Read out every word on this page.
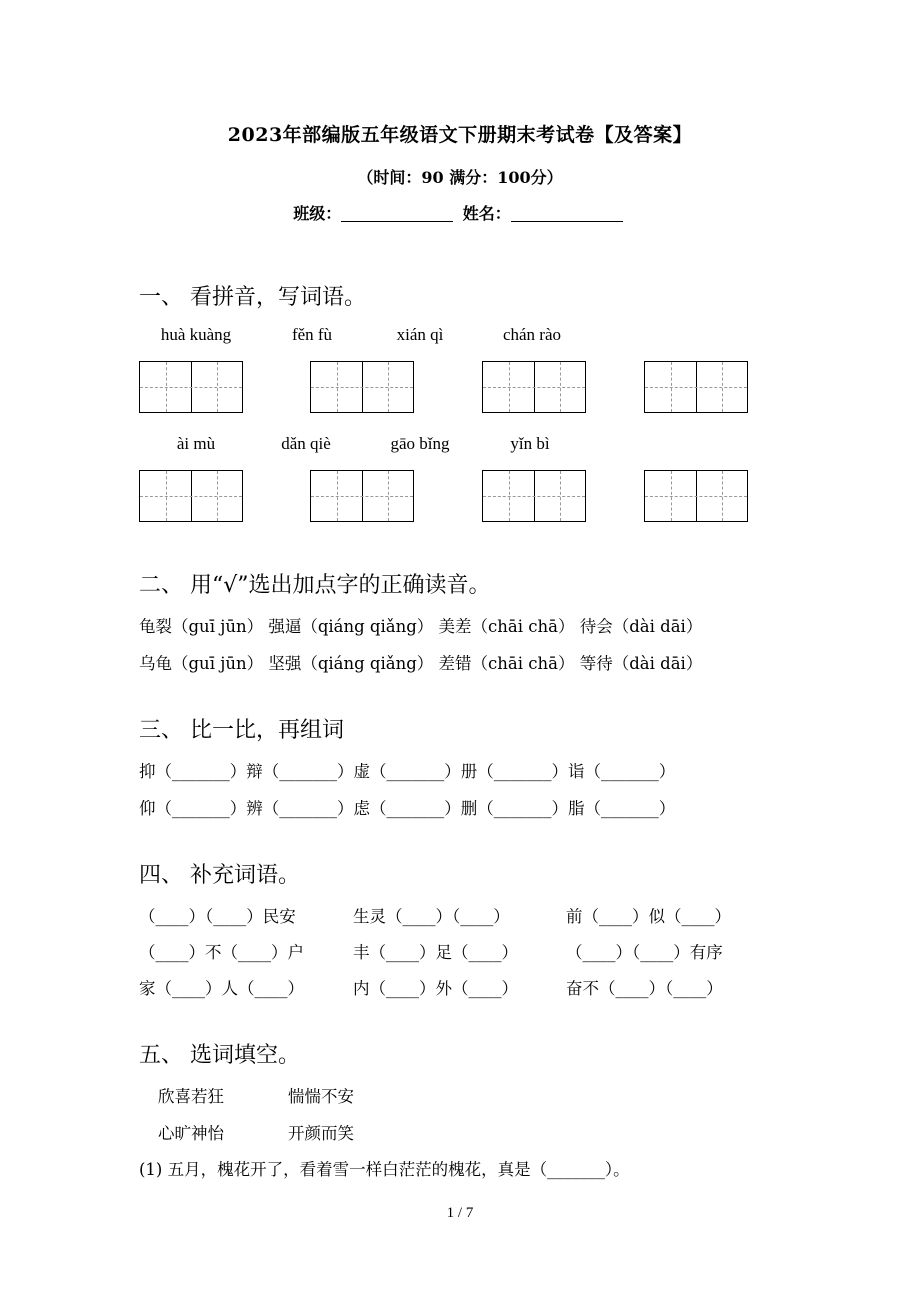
2023年部编版五年级语文下册期末考试卷【及答案】
（时间：90 满分：100分）
班级：	姓名：
一、 看拼音，写词语。
huà kuàng	fěn fù	xián qì	chán rào
ài mù	dǎn qiè	gāo bǐng	yǐn bì
二、 用“√”选出加点字的正确读音。
龟裂（guī jūn） 强逼（qiáng qiǎng） 美差（chāi chā） 待会（dài dāi）
乌龟（guī jūn） 坚强（qiáng qiǎng） 差错（chāi chā） 等待（dài dāi）
三、 比一比，再组词
抑（_______）辩（_______）虚（_______）册（_______）诣（_______）
仰（_______）辨（_______）虑（_______）删（_______）脂（_______）
四、 补充词语。
（____）（____）民安	生灵（____）（____）	前（____）似（____）
（____）不（____）户	丰（____）足（____）	（____）（____）有序
家（____）人（____）	内（____）外（____）	奋不（____）（____）
五、 选词填空。
欣喜若狂	惴惴不安
心旷神怡	开颜而笑
(1) 五月，槐花开了，看着雪一样白茫茫的槐花，真是（_______）。
1 / 7
